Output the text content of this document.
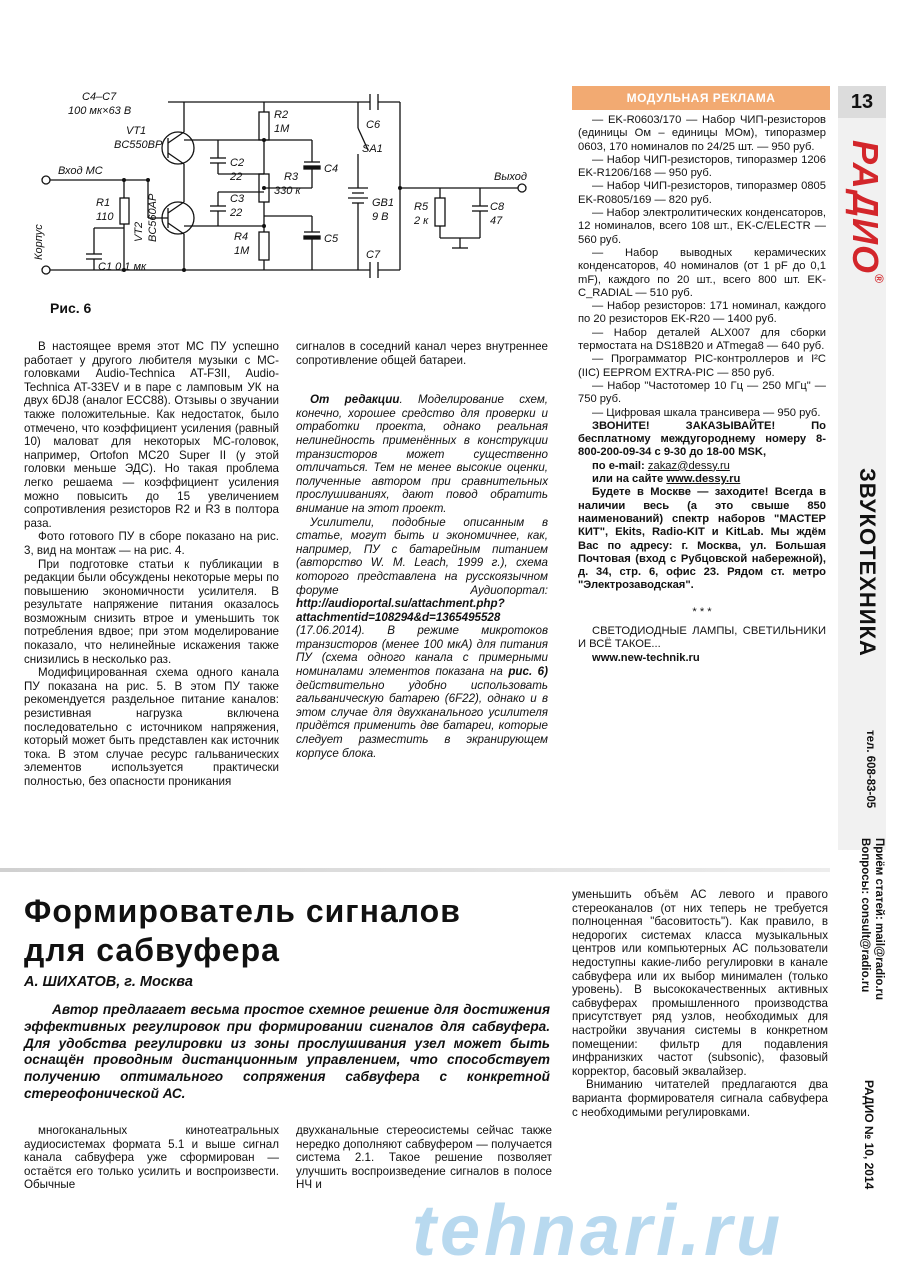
C4–C7
100 мк×63 В
VT1
BC550BP
VT2 BC560AP
Вход МС
Корпус
R1
110
C1 0,1 мк
R2
1М
R3
330 к
R4
1М
C2
22
C3
22
C4
C5
C6
C7
SA1
GB1
9 В
R5
2 к
C8
47
Выход
Рис. 6

В настоящее время этот МС ПУ успешно работает у другого любителя музыки с МС-головками Audio-Technica AT-F3II, Audio-Technica AT-33EV и в паре с ламповым УК на двух 6DJ8 (аналог ECC88). Отзывы о звучании также положительные. Как недостаток, было отмечено, что коэффициент усиления (равный 10) маловат для некоторых МС-головок, например, Ortofon MC20 Super II (у этой головки меньше ЭДС). Но такая проблема легко решаема — коэффициент усиления можно повысить до 15 увеличением сопротивления резисторов R2 и R3 в полтора раза.

Фото готового ПУ в сборе показано на рис. 3, вид на монтаж — на рис. 4.

При подготовке статьи к публикации в редакции были обсуждены некоторые меры по повышению экономичности усилителя. В результате напряжение питания оказалось возможным снизить втрое и уменьшить ток потребления вдвое; при этом моделирование показало, что нелинейные искажения также снизились в несколько раз.

Модифицированная схема одного канала ПУ показана на рис. 5. В этом ПУ также рекомендуется раздельное питание каналов: резистивная нагрузка включена последовательно с источником напряжения, который может быть представлен как источник тока. В этом случае ресурс гальванических элементов используется практически полностью, без опасности проникания

сигналов в соседний канал через внутреннее сопротивление общей батареи.

От редакции. Моделирование схем, конечно, хорошее средство для проверки и отработки проекта, однако реальная нелинейность применённых в конструкции транзисторов может существенно отличаться. Тем не менее высокие оценки, полученные автором при сравнительных прослушиваниях, дают повод обратить внимание на этот проект.

Усилители, подобные описанным в статье, могут быть и экономичнее, как, например, ПУ с батарейным питанием (авторство W. M. Leach, 1999 г.), схема которого представлена на русскоязычном форуме Аудиопортал: http://audioportal.su/attachment.php?attachmentid=108294&d=1365495528 (17.06.2014). В режиме микротоков транзисторов (менее 100 мкА) для питания ПУ (схема одного канала с примерными номиналами элементов показана на рис. 6) действительно удобно использовать гальваническую батарею (6F22), однако и в этом случае для двухканального усилителя придётся применить две батареи, которые следует разместить в экранирующем корпусе блока.

МОДУЛЬНАЯ РЕКЛАМА

— EK-R0603/170 — Набор ЧИП-резисторов (единицы Ом – единицы МОм), типоразмер 0603, 170 номиналов по 24/25 шт. — 950 руб.

— Набор ЧИП-резисторов, типоразмер 1206 EK-R1206/168 — 950 руб.

— Набор ЧИП-резисторов, типоразмер 0805 EK-R0805/169 — 820 руб.

— Набор электролитических конденсаторов, 12 номиналов, всего 108 шт., EK-C/ELECTR — 560 руб.

— Набор выводных керамических конденсаторов, 40 номиналов (от 1 pF до 0,1 mF), каждого по 20 шт., всего 800 шт. EK-C_RADIAL — 510 руб.

— Набор резисторов: 171 номинал, каждого по 20 резисторов EK-R20 — 1400 руб.

— Набор деталей ALX007 для сборки термостата на DS18B20 и ATmega8 — 640 руб.

— Программатор PIC-контроллеров и I²C (IIC) EEPROM EXTRA-PIC — 850 руб.

— Набор "Частотомер 10 Гц — 250 МГц" — 750 руб.

— Цифровая шкала трансивера — 950 руб.

ЗВОНИТЕ! ЗАКАЗЫВАЙТЕ! По бесплатному междугороднему номеру 8-800-200-09-34 с 9-30 до 18-00 MSK,

по e-mail: zakaz@dessy.ru

или на сайте www.dessy.ru

Будете в Москве — заходите! Всегда в наличии весь (а это свыше 850 наименований) спектр наборов "МАСТЕР КИТ", Ekits, Radio-KIT и KitLab. Мы ждём Вас по адресу: г. Москва, ул. Большая Почтовая (вход с Рубцовской набережной), д. 34, стр. 6, офис 23. Рядом ст. метро "Электрозаводская".

* * *

СВЕТОДИОДНЫЕ ЛАМПЫ, СВЕТИЛЬНИКИ И ВСЁ ТАКОЕ...

www.new-technik.ru

13
РАДИО®
ЗВУКОТЕХНИКА
тел. 608-83-05
Приём статей: mail@radio.ru
Вопросы: consult@radio.ru
РАДИО № 10, 2014
Формирователь сигналов
для сабвуфера
А. ШИХАТОВ, г. Москва
Автор предлагает весьма простое схемное решение для достижения эффективных регулировок при формировании сигналов для сабвуфера. Для удобства регулировки из зоны прослушивания узел может быть оснащён проводным дистанционным управлением, что способствует получению оптимального сопряжения сабвуфера с конкретной стереофонической АС.

многоканальных кинотеатральных аудиосистемах формата 5.1 и выше сигнал канала сабвуфера уже сформирован — остаётся его только усилить и воспроизвести. Обычные

двухканальные стереосистемы сейчас также нередко дополняют сабвуфером — получается система 2.1. Такое решение позволяет улучшить воспроизведение сигналов в полосе НЧ и

уменьшить объём АС левого и правого стереоканалов (от них теперь не требуется полноценная "басовитость"). Как правило, в недорогих системах класса музыкальных центров или компьютерных АС пользователи недоступны какие-либо регулировки в канале сабвуфера или их выбор минимален (только уровень). В высококачественных активных сабвуферах промышленного производства присутствует ряд узлов, необходимых для настройки звучания системы в конкретном помещении: фильтр для подавления инфранизких частот (subsonic), фазовый корректор, басовый эквалайзер.

Вниманию читателей предлагаются два варианта формирователя сигнала сабвуфера с необходимыми регулировками.

tehnari.ru
